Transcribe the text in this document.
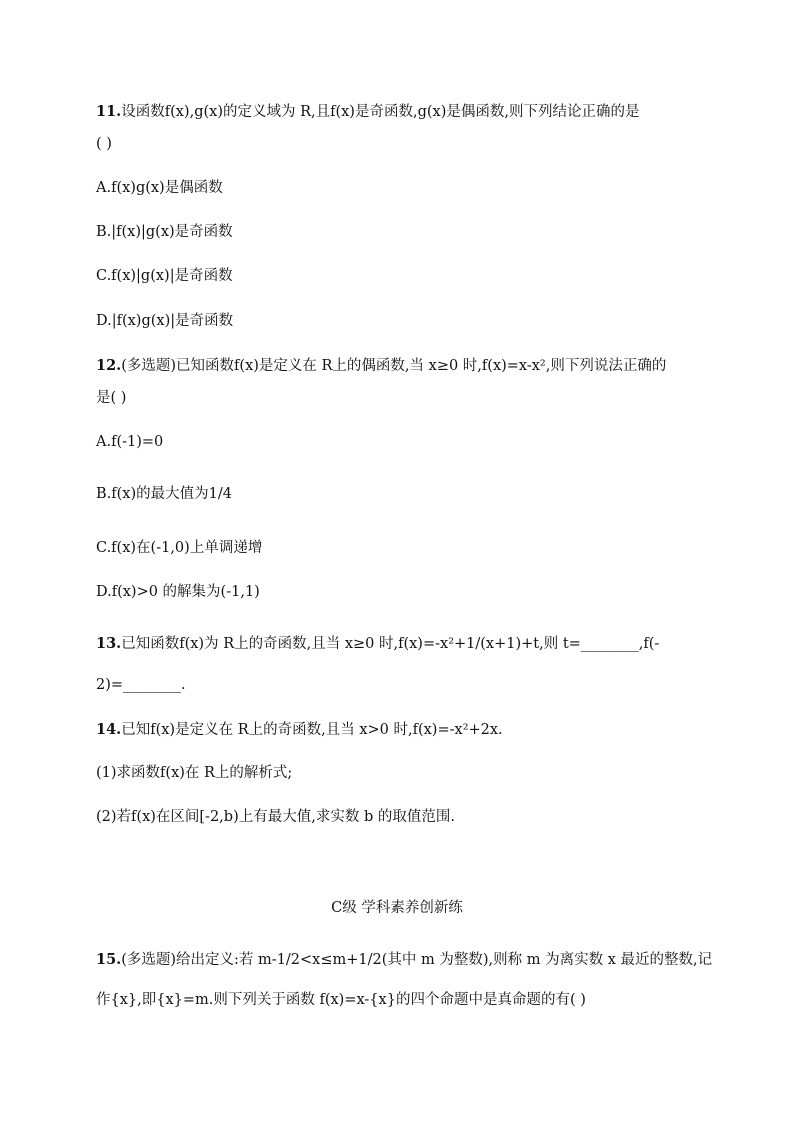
11.设函数f(x),g(x)的定义域为 R,且f(x)是奇函数,g(x)是偶函数,则下列结论正确的是
( )
A.f(x)g(x)是偶函数
B.|f(x)|g(x)是奇函数
C.f(x)|g(x)|是奇函数
D.|f(x)g(x)|是奇函数
12.(多选题)已知函数f(x)是定义在 R上的偶函数,当 x≥0 时,f(x)=x-x²,则下列说法正确的
是( )
A.f(-1)=0
B.f(x)的最大值为1/4
C.f(x)在(-1,0)上单调递增
D.f(x)>0 的解集为(-1,1)
13.已知函数f(x)为 R上的奇函数,且当 x≥0 时,f(x)=-x²+1/(x+1)+t,则 t=________,f(-
2)=________.
14.已知f(x)是定义在 R上的奇函数,且当 x>0 时,f(x)=-x²+2x.
(1)求函数f(x)在 R上的解析式;
(2)若f(x)在区间[-2,b)上有最大值,求实数 b 的取值范围.
C级 学科素养创新练
15.(多选题)给出定义:若 m-1/2<x≤m+1/2(其中 m 为整数),则称 m 为离实数 x 最近的整数,记
作{x},即{x}=m.则下列关于函数 f(x)=x-{x}的四个命题中是真命题的有( )
